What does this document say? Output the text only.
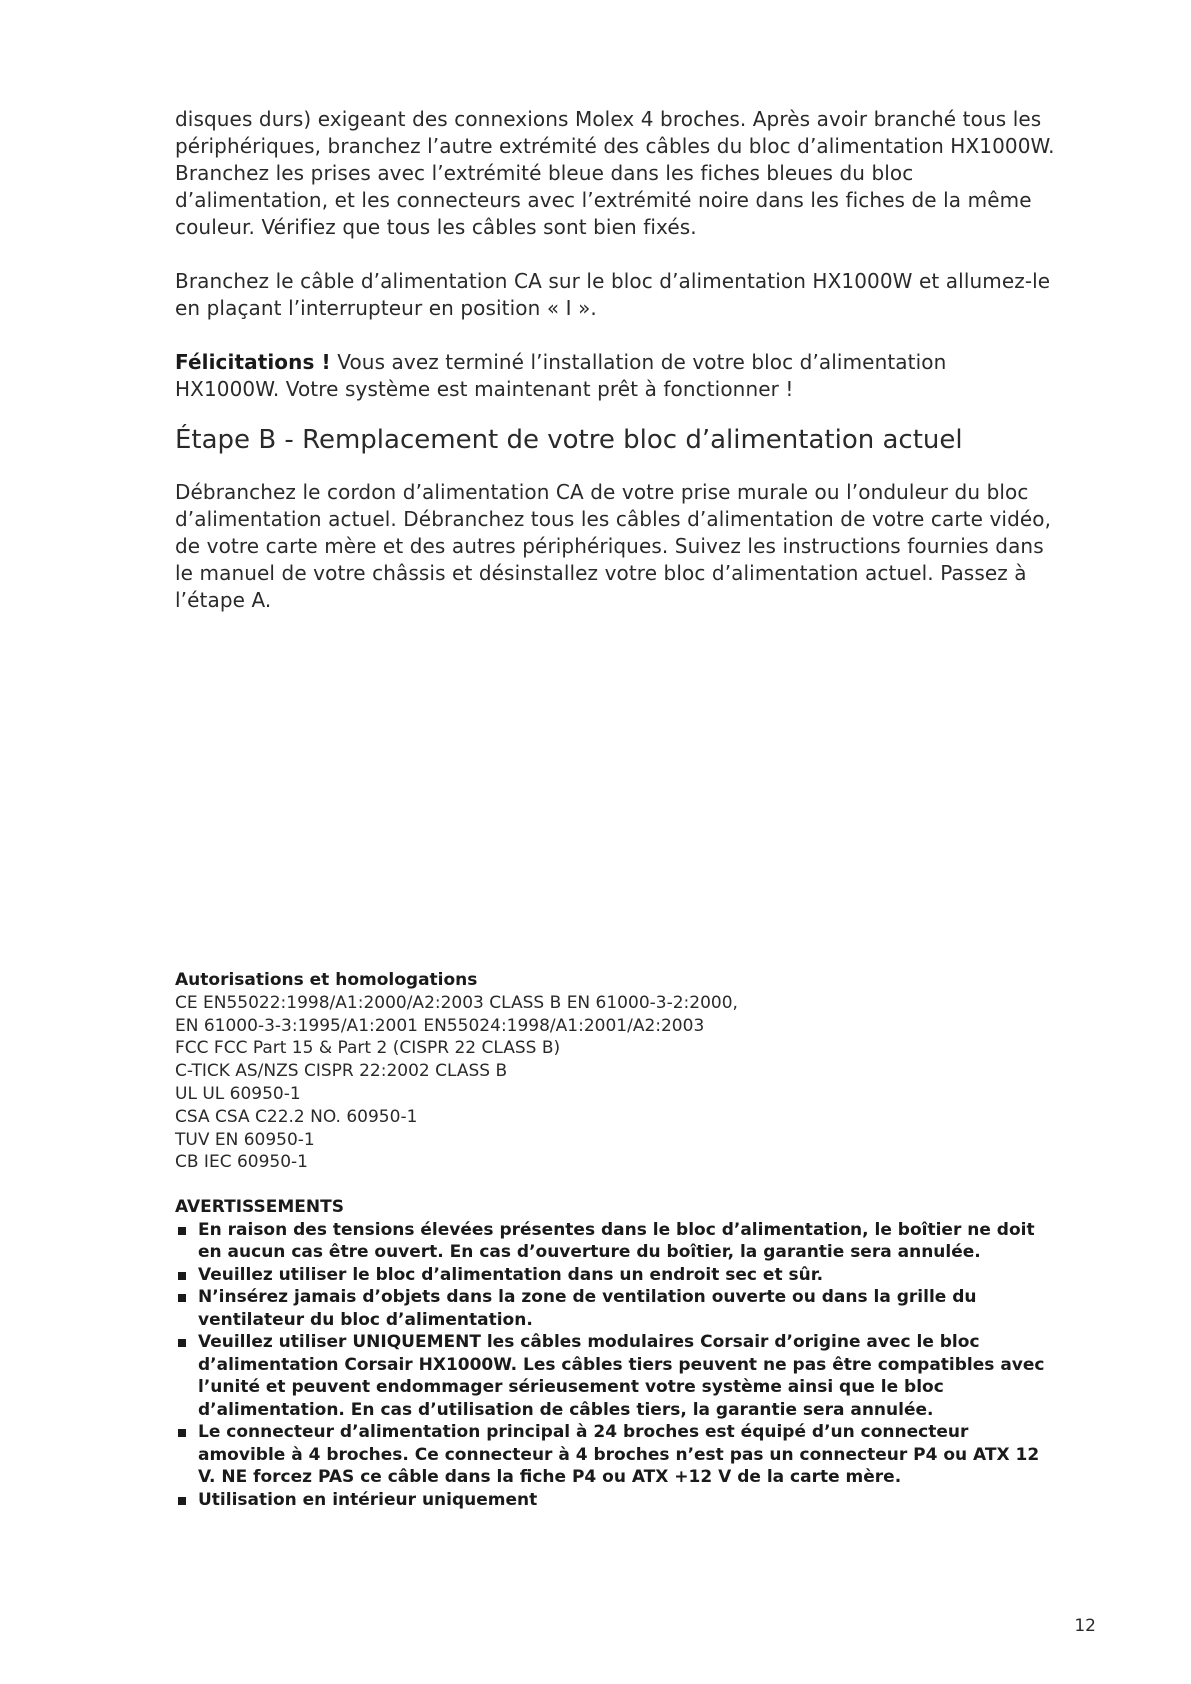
disques durs) exigeant des connexions Molex 4 broches. Après avoir branché tous les périphériques, branchez l’autre extrémité des câbles du bloc d’alimentation HX1000W. Branchez les prises avec l’extrémité bleue dans les fiches bleues du bloc d’alimentation, et les connecteurs avec l’extrémité noire dans les fiches de la même couleur. Vérifiez que tous les câbles sont bien fixés.

Branchez le câble d’alimentation CA sur le bloc d’alimentation HX1000W et allumez-le en plaçant l’interrupteur en position « I ».

Félicitations ! Vous avez terminé l’installation de votre bloc d’alimentation HX1000W. Votre système est maintenant prêt à fonctionner !

Étape B - Remplacement de votre bloc d’alimentation actuel

Débranchez le cordon d’alimentation CA de votre prise murale ou l’onduleur du bloc d’alimentation actuel. Débranchez tous les câbles d’alimentation de votre carte vidéo, de votre carte mère et des autres périphériques. Suivez les instructions fournies dans le manuel de votre châssis et désinstallez votre bloc d’alimentation actuel. Passez à l’étape A.

Autorisations et homologations
CE EN55022:1998/A1:2000/A2:2003 CLASS B EN 61000-3-2:2000,
EN 61000-3-3:1995/A1:2001 EN55024:1998/A1:2001/A2:2003
FCC FCC Part 15 & Part 2 (CISPR 22 CLASS B)
C-TICK AS/NZS CISPR 22:2002 CLASS B
UL UL 60950-1
CSA CSA C22.2 NO. 60950-1
TUV EN 60950-1
CB IEC 60950-1
AVERTISSEMENTS
En raison des tensions élevées présentes dans le bloc d’alimentation, le boîtier ne doit en aucun cas être ouvert. En cas d’ouverture du boîtier, la garantie sera annulée.
Veuillez utiliser le bloc d’alimentation dans un endroit sec et sûr.
N’insérez jamais d’objets dans la zone de ventilation ouverte ou dans la grille du ventilateur du bloc d’alimentation.
Veuillez utiliser UNIQUEMENT les câbles modulaires Corsair d’origine avec le bloc d’alimentation Corsair HX1000W. Les câbles tiers peuvent ne pas être compatibles avec l’unité et peuvent endommager sérieusement votre système ainsi que le bloc d’alimentation. En cas d’utilisation de câbles tiers, la garantie sera annulée.
Le connecteur d’alimentation principal à 24 broches est équipé d’un connecteur amovible à 4 broches. Ce connecteur à 4 broches n’est pas un connecteur P4 ou ATX 12 V. NE forcez PAS ce câble dans la fiche P4 ou ATX +12 V de la carte mère.
Utilisation en intérieur uniquement
12
